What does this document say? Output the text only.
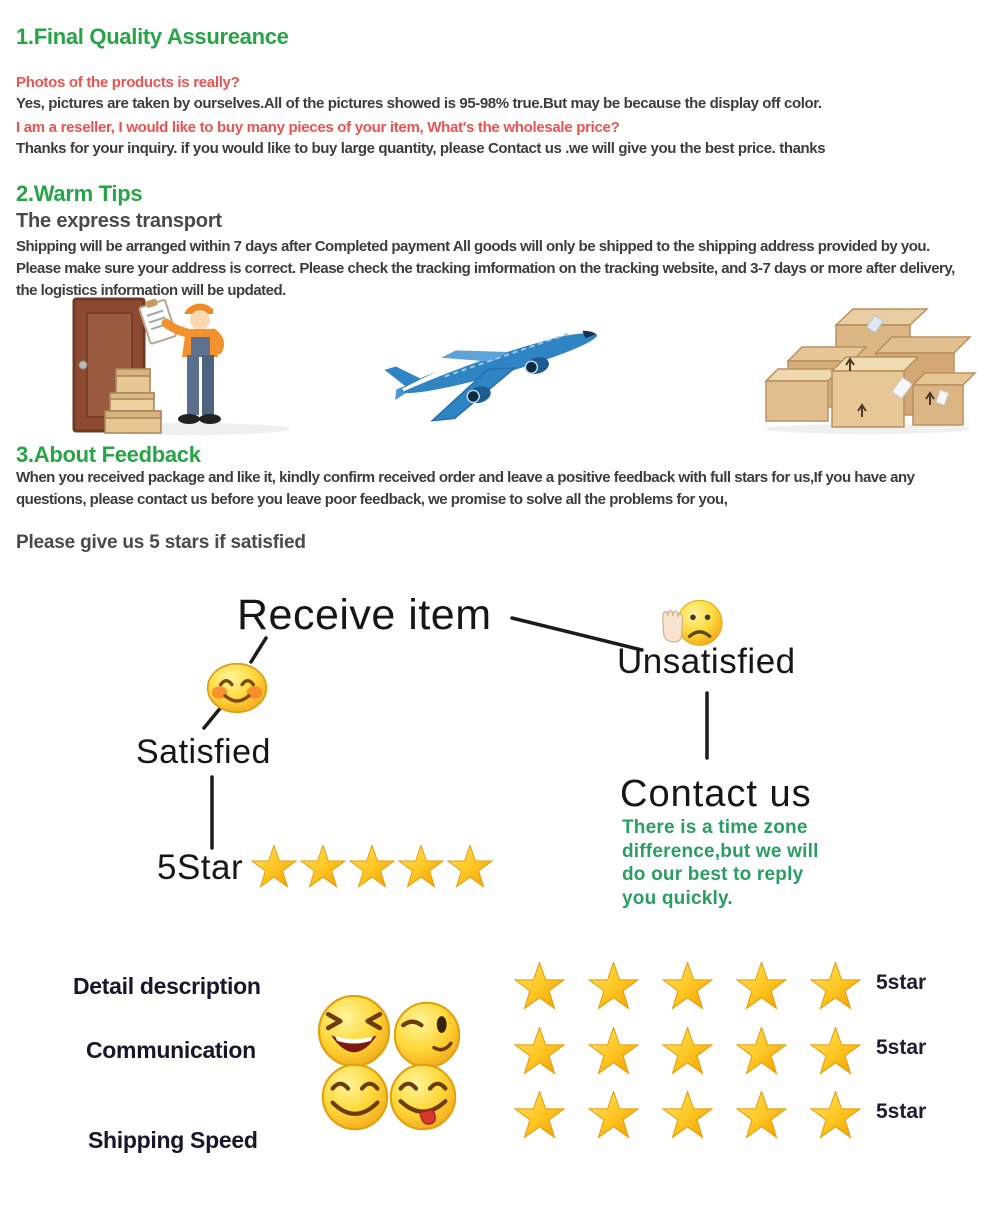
1.Final Quality Assureance
Photos of the products is really?
Yes, pictures are taken by ourselves.All of the pictures showed is 95-98% true.But may be because the display off color.
I am a reseller, I would like to buy many pieces of your item, What's the wholesale price?
Thanks for your inquiry. if you would like to buy large quantity, please Contact us .we will give you the best price. thanks
2.Warm Tips
The express transport
Shipping will be arranged within 7 days after Completed payment All goods will only be shipped to the shipping address provided by you.
Please make sure your address is correct. Please check the tracking imformation on the tracking website, and 3-7 days or more after delivery,
the logistics information will be updated.
3.About Feedback
When you received package and like it, kindly confirm received order and leave a positive feedback with full stars for us,If you have any
questions, please contact us before you leave poor feedback, we promise to solve all the problems for you,
Please give us 5 stars if satisfied
Receive item
Satisfied
5Star
Unsatisfied
Contact us
There is a time zone
difference,but we will
do our best to reply
you quickly.
Detail description
Communication
Shipping Speed
5star
5star
5star
